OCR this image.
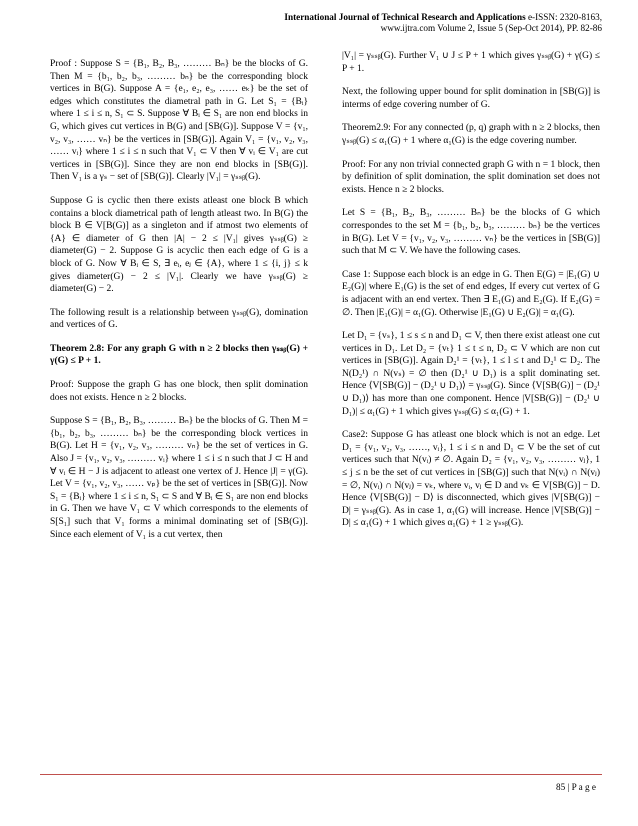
International Journal of Technical Research and Applications e-ISSN: 2320-8163,
www.ijtra.com Volume 2, Issue 5 (Sep-Oct 2014), PP. 82-86

Proof : Suppose S = {B₁, B₂, B₃, ……… Bₙ} be the blocks of G. Then M = {b₁, b₂, b₃, ……… bₙ} be the corresponding block vertices in B(G). Suppose A = {e₁, e₂, e₃, …… eₖ} be the set of edges which constitutes the diametral path in G. Let S₁ = {Bᵢ} where 1 ≤ i ≤ n, S₁ ⊂ S. Suppose ∀ Bᵢ ∈ S₁ are non end blocks in G, which gives cut vertices in B(G) and [SB(G)]. Suppose V = {v₁, v₂, v₃, …… vₙ} be the vertices in [SB(G)]. Again V₁ = {v₁, v₂, v₃, …… vᵢ} where 1 ≤ i ≤ n such that V₁ ⊂ V then ∀ vᵢ ∈ V₁ are cut vertices in [SB(G)]. Since they are non end blocks in [SB(G)]. Then V₁ is a γₛ − set of [SB(G)]. Clearly |V₁| = γₛₛᵦ(G).

Suppose G is cyclic then there exists atleast one block B which contains a block diametrical path of length atleast two. In B(G) the block B ∈ V[B(G)] as a singleton and if atmost two elements of {A} ∈ diameter of G then |A| − 2 ≤ |V₁| gives γₛₛᵦ(G) ≥ diameter(G) − 2. Suppose G is acyclic then each edge of G is a block of G. Now ∀ Bᵢ ∈ S, ∃ eᵢ, eⱼ ∈ {A}, where 1 ≤ {i, j} ≤ k gives diameter(G) − 2 ≤ |V₁|. Clearly we have γₛₛᵦ(G) ≥ diameter(G) − 2.

The following result is a relationship between γₛₛᵦ(G), domination and vertices of G.

Theorem 2.8: For any graph G with n ≥ 2 blocks then γₛₛᵦ(G) + γ(G) ≤ P + 1.

Proof: Suppose the graph G has one block, then split domination does not exists. Hence n ≥ 2 blocks.

Suppose S = {B₁, B₂, B₃, ……… Bₙ} be the blocks of G. Then M = {b₁, b₂, b₃, ……… bₙ} be the corresponding block vertices in B(G). Let H = {v₁, v₂, v₃, ……… vₙ} be the set of vertices in G. Also J = {v₁, v₂, v₃, ……… vᵢ} where 1 ≤ i ≤ n such that J ⊂ H and ∀ vᵢ ∈ H − J is adjacent to atleast one vertex of J. Hence |J| = γ(G). Let V = {v₁, v₂, v₃, …… vₚ} be the set of vertices in [SB(G)]. Now S₁ = {Bᵢ} where 1 ≤ i ≤ n, S₁ ⊂ S and ∀ Bᵢ ∈ S₁ are non end blocks in G. Then we have V₁ ⊂ V which corresponds to the elements of S[S₁] such that V₁ forms a minimal dominating set of [SB(G)]. Since each element of V₁ is a cut vertex, then

|V₁| = γₛₛᵦ(G). Further V₁ ∪ J ≤ P + 1 which gives γₛₛᵦ(G) + γ(G) ≤ P + 1.

Next, the following upper bound for split domination in [SB(G)] is interms of edge covering number of G.

Theorem2.9: For any connected (p, q) graph with n ≥ 2 blocks, then γₛₛᵦ(G) ≤ α₁(G) + 1 where α₁(G) is the edge covering number.

Proof: For any non trivial connected graph G with n = 1 block, then by definition of split domination, the split domination set does not exists. Hence n ≥ 2 blocks.

Let S = {B₁, B₂, B₃, ……… Bₙ} be the blocks of G which correspondes to the set M = {b₁, b₂, b₃, ……… bₙ} be the vertices in B(G). Let V = {v₁, v₂, v₃, ……… vₙ} be the vertices in [SB(G)] such that M ⊂ V. We have the following cases.

Case 1: Suppose each block is an edge in G. Then E(G) = |E₁(G) ∪ E₂(G)| where E₁(G) is the set of end edges, If every cut vertex of G is adjacent with an end vertex. Then ∃ E₁(G) and E₂(G). If E₂(G) = ∅. Then |E₁(G)| = α₁(G). Otherwise |E₁(G) ∪ E₂(G)| = α₁(G).

Let D₁ = {vₛ}, 1 ≤ s ≤ n and D₁ ⊂ V, then there exist atleast one cut vertices in D₁. Let D₂ = {vₜ} 1 ≤ t ≤ n, D₂ ⊂ V which are non cut vertices in [SB(G)]. Again D₂¹ = {vₜ}, 1 ≤ l ≤ t and D₂¹ ⊂ D₂. The N(D₂¹) ∩ N(vₛ) = ∅ then (D₂¹ ∪ D₁) is a split dominating set. Hence ⟨V[SB(G)] − (D₂¹ ∪ D₁)⟩ = γₛₛᵦ(G). Since ⟨V[SB(G)] − (D₂¹ ∪ D₁)⟩ has more than one component. Hence |V[SB(G)] − (D₂¹ ∪ D₁)| ≤ α₁(G) + 1 which gives γₛₛᵦ(G) ≤ α₁(G) + 1.

Case2: Suppose G has atleast one block which is not an edge. Let D₁ = {v₁, v₂, v₃, ……, vᵢ}, 1 ≤ i ≤ n and D₁ ⊂ V be the set of cut vertices such that N(vᵢ) ≠ ∅. Again D₂ = {v₁, v₂, v₃, ……… vⱼ}, 1 ≤ j ≤ n be the set of cut vertices in [SB(G)] such that N(vᵢ) ∩ N(vⱼ) = ∅, N(vᵢ) ∩ N(vⱼ) = vₖ, where vᵢ, vⱼ ∈ D and vₖ ∈ V[SB(G)] − D. Hence ⟨V[SB(G)] − D⟩ is disconnected, which gives |V[SB(G)] − D| = γₛₛᵦ(G). As in case 1, α₁(G) will increase. Hence |V[SB(G)] − D| ≤ α₁(G) + 1 which gives α₁(G) + 1 ≥ γₛₛᵦ(G).

85 | P a g e
